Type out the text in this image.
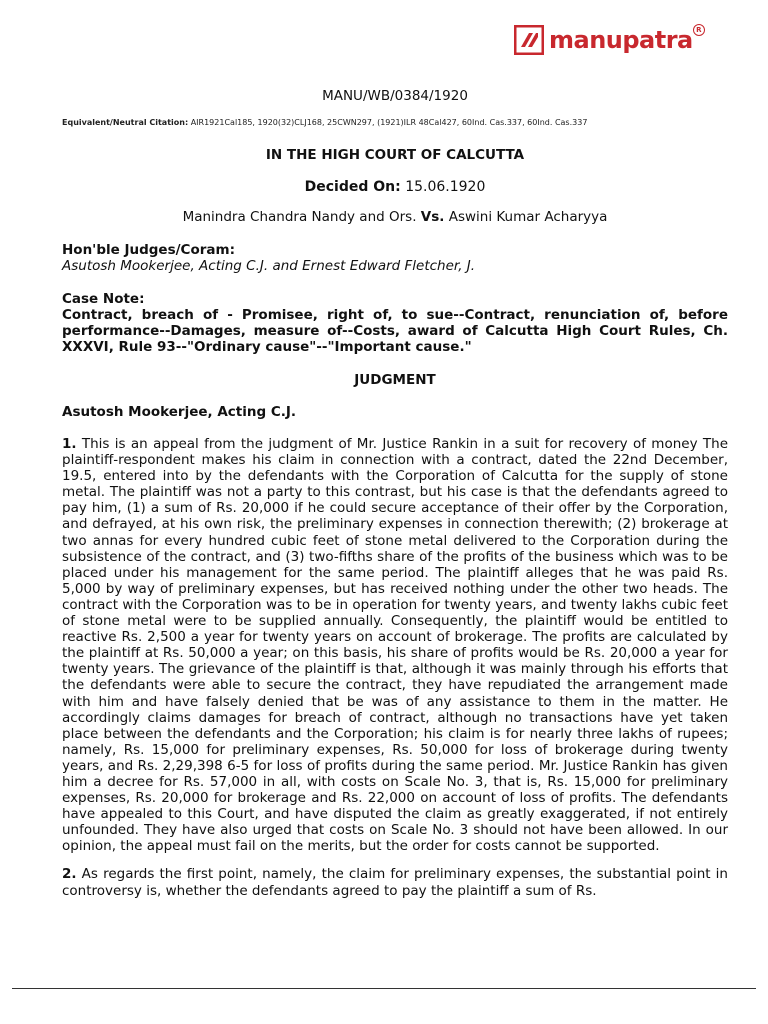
manupatra R
MANU/WB/0384/1920
Equivalent/Neutral Citation: AIR1921Cal185, 1920(32)CLJ168, 25CWN297, (1921)ILR 48Cal427, 60Ind. Cas.337, 60Ind. Cas.337
IN THE HIGH COURT OF CALCUTTA
Decided On: 15.06.1920
Manindra Chandra Nandy and Ors. Vs. Aswini Kumar Acharyya
Hon'ble Judges/Coram:
Asutosh Mookerjee, Acting C.J. and Ernest Edward Fletcher, J.
Case Note:
Contract, breach of - Promisee, right of, to sue--Contract, renunciation of, before performance--Damages, measure of--Costs, award of Calcutta High Court Rules, Ch. XXXVI, Rule 93--"Ordinary cause"--"Important cause."
JUDGMENT
Asutosh Mookerjee, Acting C.J.

1. This is an appeal from the judgment of Mr. Justice Rankin in a suit for recovery of money The plaintiff-respondent makes his claim in connection with a contract, dated the 22nd December, 19.5, entered into by the defendants with the Corporation of Calcutta for the supply of stone metal. The plaintiff was not a party to this contrast, but his case is that the defendants agreed to pay him, (1) a sum of Rs. 20,000 if he could secure acceptance of their offer by the Corporation, and defrayed, at his own risk, the preliminary expenses in connection therewith; (2) brokerage at two annas for every hundred cubic feet of stone metal delivered to the Corporation during the subsistence of the contract, and (3) two-fifths share of the profits of the business which was to be placed under his management for the same period. The plaintiff alleges that he was paid Rs. 5,000 by way of preliminary expenses, but has received nothing under the other two heads. The contract with the Corporation was to be in operation for twenty years, and twenty lakhs cubic feet of stone metal were to be supplied annually. Consequently, the plaintiff would be entitled to reactive Rs. 2,500 a year for twenty years on account of brokerage. The profits are calculated by the plaintiff at Rs. 50,000 a year; on this basis, his share of profits would be Rs. 20,000 a year for twenty years. The grievance of the plaintiff is that, although it was mainly through his efforts that the defendants were able to secure the contract, they have repudiated the arrangement made with him and have falsely denied that be was of any assistance to them in the matter. He accordingly claims damages for breach of contract, although no transactions have yet taken place between the defendants and the Corporation; his claim is for nearly three lakhs of rupees; namely, Rs. 15,000 for preliminary expenses, Rs. 50,000 for loss of brokerage during twenty years, and Rs. 2,29,398 6-5 for loss of profits during the same period. Mr. Justice Rankin has given him a decree for Rs. 57,000 in all, with costs on Scale No. 3, that is, Rs. 15,000 for preliminary expenses, Rs. 20,000 for brokerage and Rs. 22,000 on account of loss of profits. The defendants have appealed to this Court, and have disputed the claim as greatly exaggerated, if not entirely unfounded. They have also urged that costs on Scale No. 3 should not have been allowed. In our opinion, the appeal must fail on the merits, but the order for costs cannot be supported.

2. As regards the first point, namely, the claim for preliminary expenses, the substantial point in controversy is, whether the defendants agreed to pay the plaintiff a sum of Rs.
